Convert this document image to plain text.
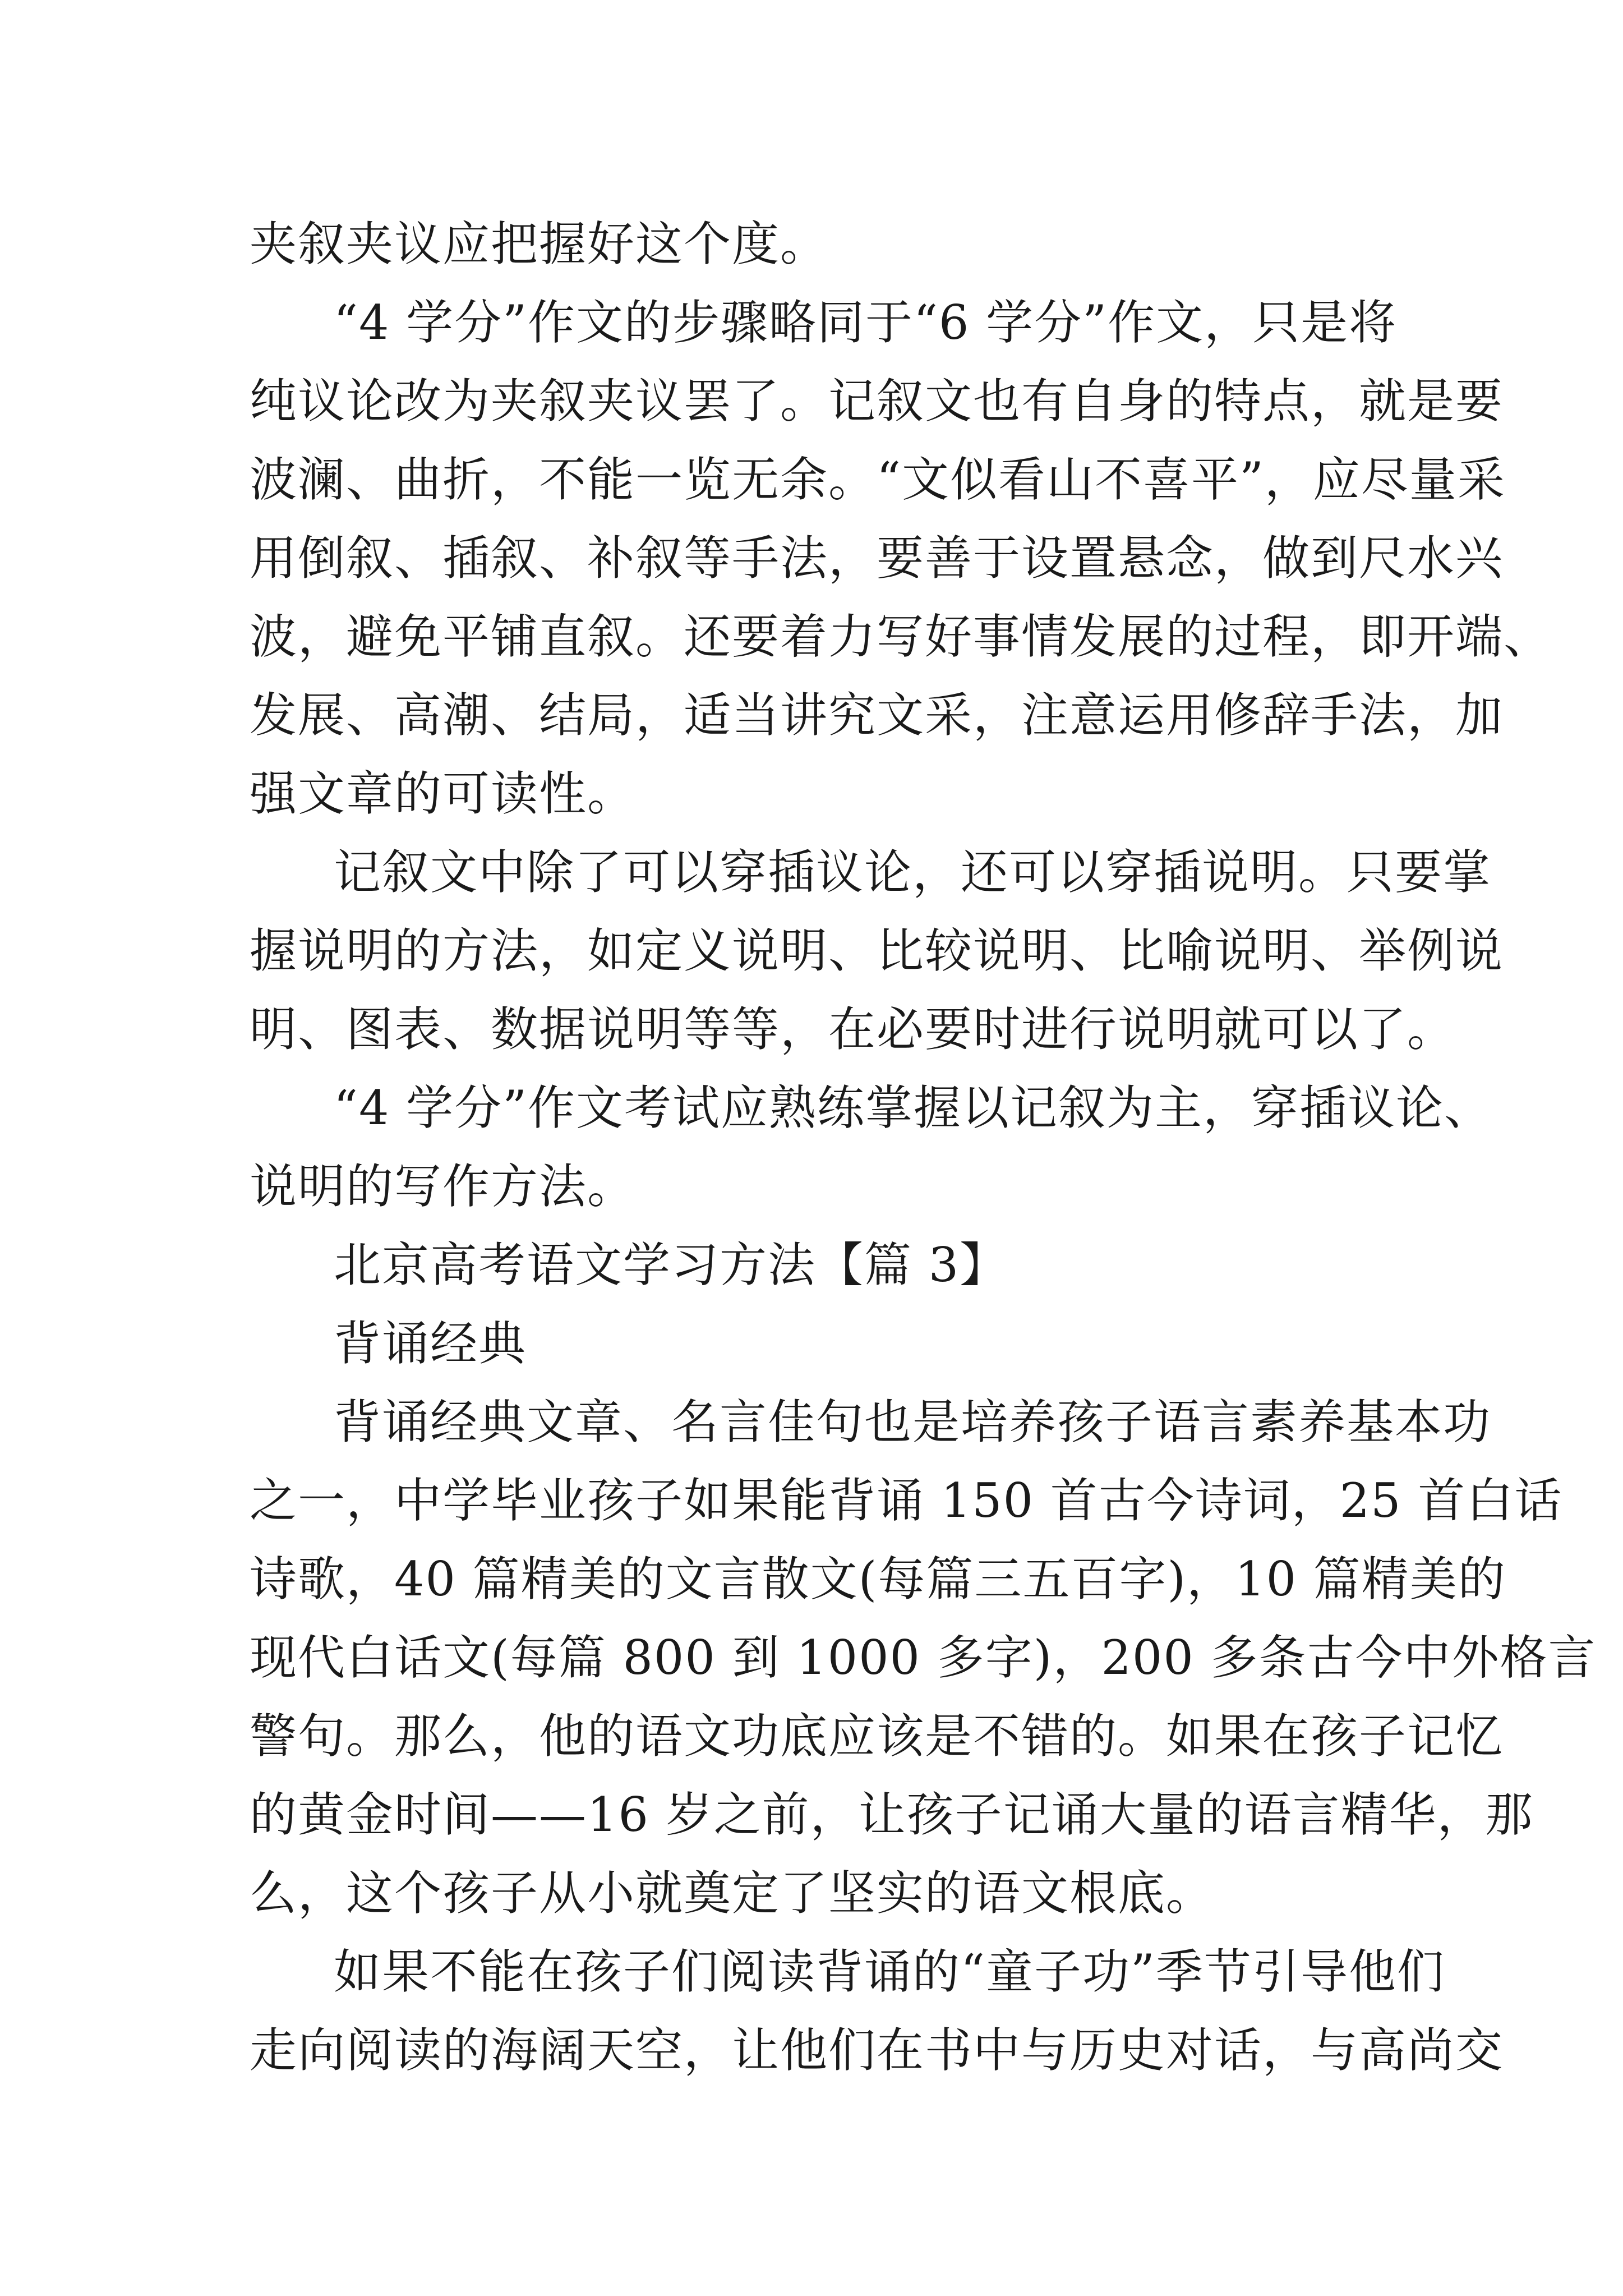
夹叙夹议应把握好这个度。
“4 学分”作文的步骤略同于“6 学分”作文，只是将
纯议论改为夹叙夹议罢了。记叙文也有自身的特点，就是要
波澜、曲折，不能一览无余。“文似看山不喜平”，应尽量采
用倒叙、插叙、补叙等手法，要善于设置悬念，做到尺水兴
波，避免平铺直叙。还要着力写好事情发展的过程，即开端、
发展、高潮、结局，适当讲究文采，注意运用修辞手法，加
强文章的可读性。
记叙文中除了可以穿插议论，还可以穿插说明。只要掌
握说明的方法，如定义说明、比较说明、比喻说明、举例说
明、图表、数据说明等等，在必要时进行说明就可以了。
“4 学分”作文考试应熟练掌握以记叙为主，穿插议论、
说明的写作方法。
北京高考语文学习方法【篇 3】
背诵经典
背诵经典文章、名言佳句也是培养孩子语言素养基本功
之一，中学毕业孩子如果能背诵 150 首古今诗词，25 首白话
诗歌，40 篇精美的文言散文(每篇三五百字)，10 篇精美的
现代白话文(每篇 800 到 1000 多字)，200 多条古今中外格言
警句。那么，他的语文功底应该是不错的。如果在孩子记忆
的黄金时间——16 岁之前，让孩子记诵大量的语言精华，那
么，这个孩子从小就奠定了坚实的语文根底。
如果不能在孩子们阅读背诵的“童子功”季节引导他们
走向阅读的海阔天空，让他们在书中与历史对话，与高尚交
